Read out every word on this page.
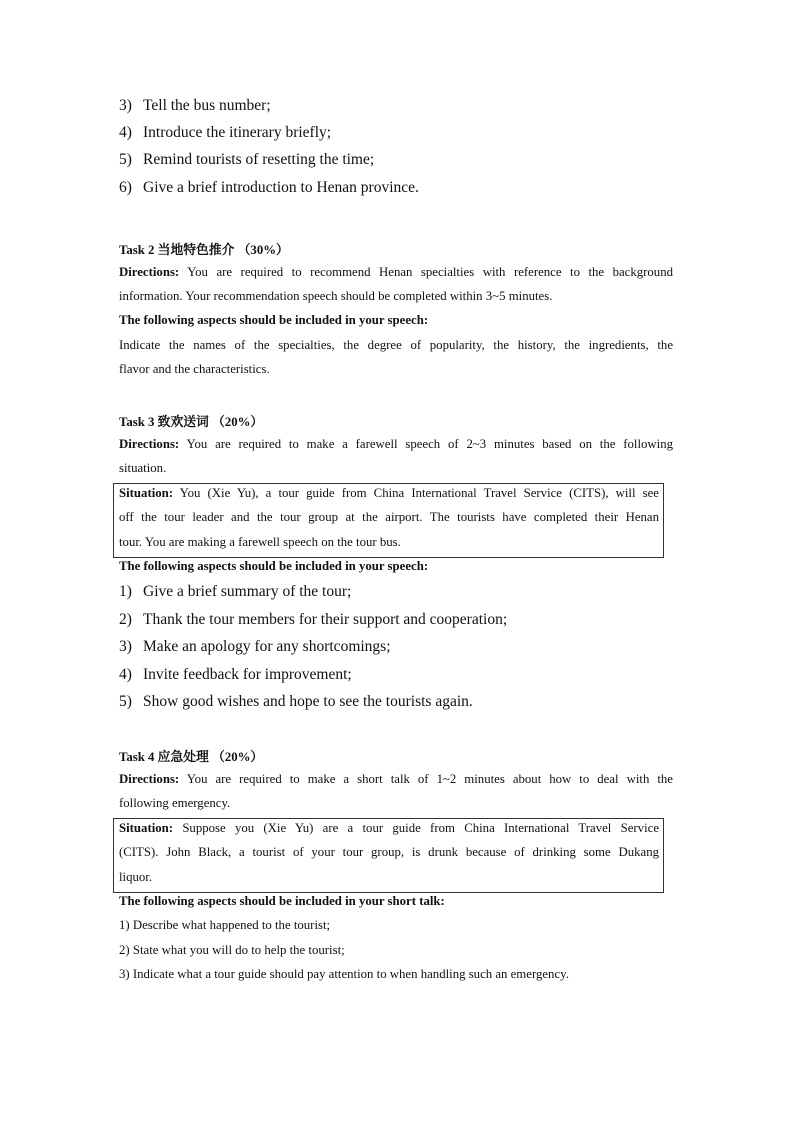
3) Tell the bus number;
4) Introduce the itinerary briefly;
5) Remind tourists of resetting the time;
6) Give a brief introduction to Henan province.
Task 2 当地特色推介 （30%）
Directions: You are required to recommend Henan specialties with reference to the background
information. Your recommendation speech should be completed within 3~5 minutes.
The following aspects should be included in your speech:
Indicate the names of the specialties, the degree of popularity, the history, the ingredients, the
flavor and the characteristics.
Task 3 致欢送词 （20%）
Directions: You are required to make a farewell speech of 2~3 minutes based on the following
situation.
Situation: You (Xie Yu), a tour guide from China International Travel Service (CITS), will see
off the tour leader and the tour group at the airport. The tourists have completed their Henan
tour. You are making a farewell speech on the tour bus.
The following aspects should be included in your speech:
1) Give a brief summary of the tour;
2) Thank the tour members for their support and cooperation;
3) Make an apology for any shortcomings;
4) Invite feedback for improvement;
5) Show good wishes and hope to see the tourists again.
Task 4 应急处理 （20%）
Directions: You are required to make a short talk of 1~2 minutes about how to deal with the
following emergency.
Situation: Suppose you (Xie Yu) are a tour guide from China International Travel Service
(CITS). John Black, a tourist of your tour group, is drunk because of drinking some Dukang
liquor.
The following aspects should be included in your short talk:
1) Describe what happened to the tourist;
2) State what you will do to help the tourist;
3) Indicate what a tour guide should pay attention to when handling such an emergency.
